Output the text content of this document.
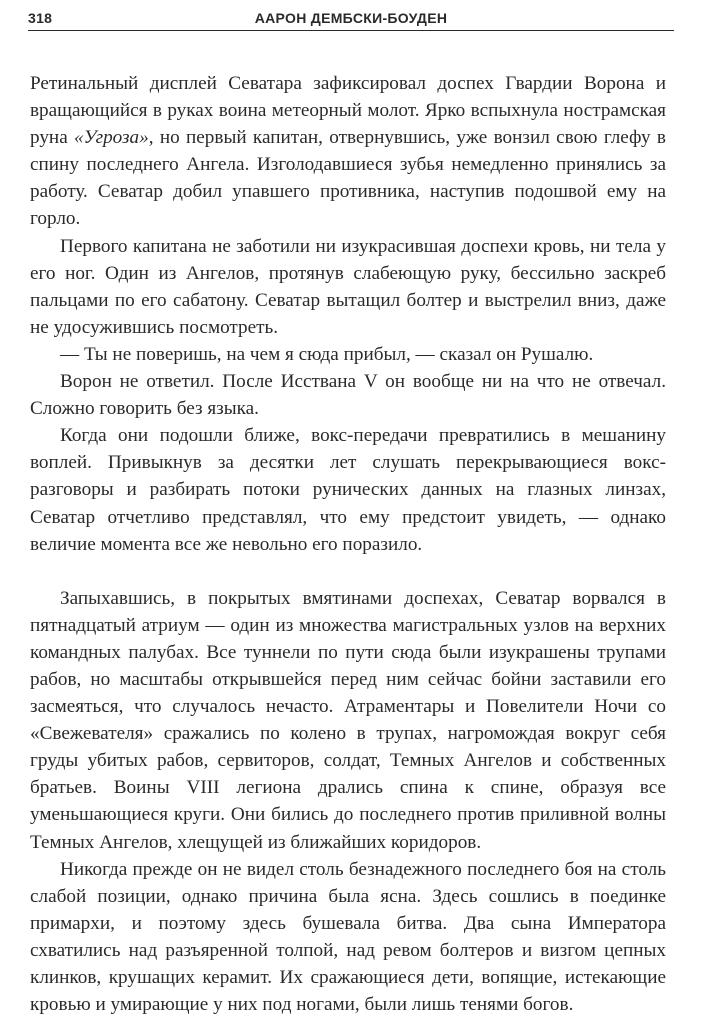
318	ААРОН ДЕМБСКИ-БОУДЕН

Ретинальный дисплей Севатара зафиксировал доспех Гвардии Ворона и вращающийся в руках воина метеорный молот. Ярко вспыхнула нострамская руна «Угроза», но первый капитан, отвернувшись, уже вонзил свою глефу в спину последнего Ангела. Изголодавшиеся зубья немедленно принялись за работу. Севатар добил упавшего противника, наступив подошвой ему на горло.

Первого капитана не заботили ни изукрасившая доспехи кровь, ни тела у его ног. Один из Ангелов, протянув слабеющую руку, бессильно заскреб пальцами по его сабатону. Севатар вытащил болтер и выстрелил вниз, даже не удосужившись посмотреть.

— Ты не поверишь, на чем я сюда прибыл, — сказал он Рушалю.

Ворон не ответил. После Исствана V он вообще ни на что не отвечал. Сложно говорить без языка.

Когда они подошли ближе, вокс-передачи превратились в мешанину воплей. Привыкнув за десятки лет слушать перекрывающиеся вокс-разговоры и разбирать потоки рунических данных на глазных линзах, Севатар отчетливо представлял, что ему предстоит увидеть, — однако величие момента все же невольно его поразило.

Запыхавшись, в покрытых вмятинами доспехах, Севатар ворвался в пятнадцатый атриум — один из множества магистральных узлов на верхних командных палубах. Все туннели по пути сюда были изукрашены трупами рабов, но масштабы открывшейся перед ним сейчас бойни заставили его засмеяться, что случалось нечасто. Атраментары и Повелители Ночи со «Свежевателя» сражались по колено в трупах, нагромождая вокруг себя груды убитых рабов, сервиторов, солдат, Темных Ангелов и собственных братьев. Воины VIII легиона дрались спина к спине, образуя все уменьшающиеся круги. Они бились до последнего против приливной волны Темных Ангелов, хлещущей из ближайших коридоров.

Никогда прежде он не видел столь безнадежного последнего боя на столь слабой позиции, однако причина была ясна. Здесь сошлись в поединке примархи, и поэтому здесь бушевала битва. Два сына Императора схватились над разъяренной толпой, над ревом болтеров и визгом цепных клинков, крушащих керамит. Их сражающиеся дети, вопящие, истекающие кровью и умирающие у них под ногами, были лишь тенями богов.
